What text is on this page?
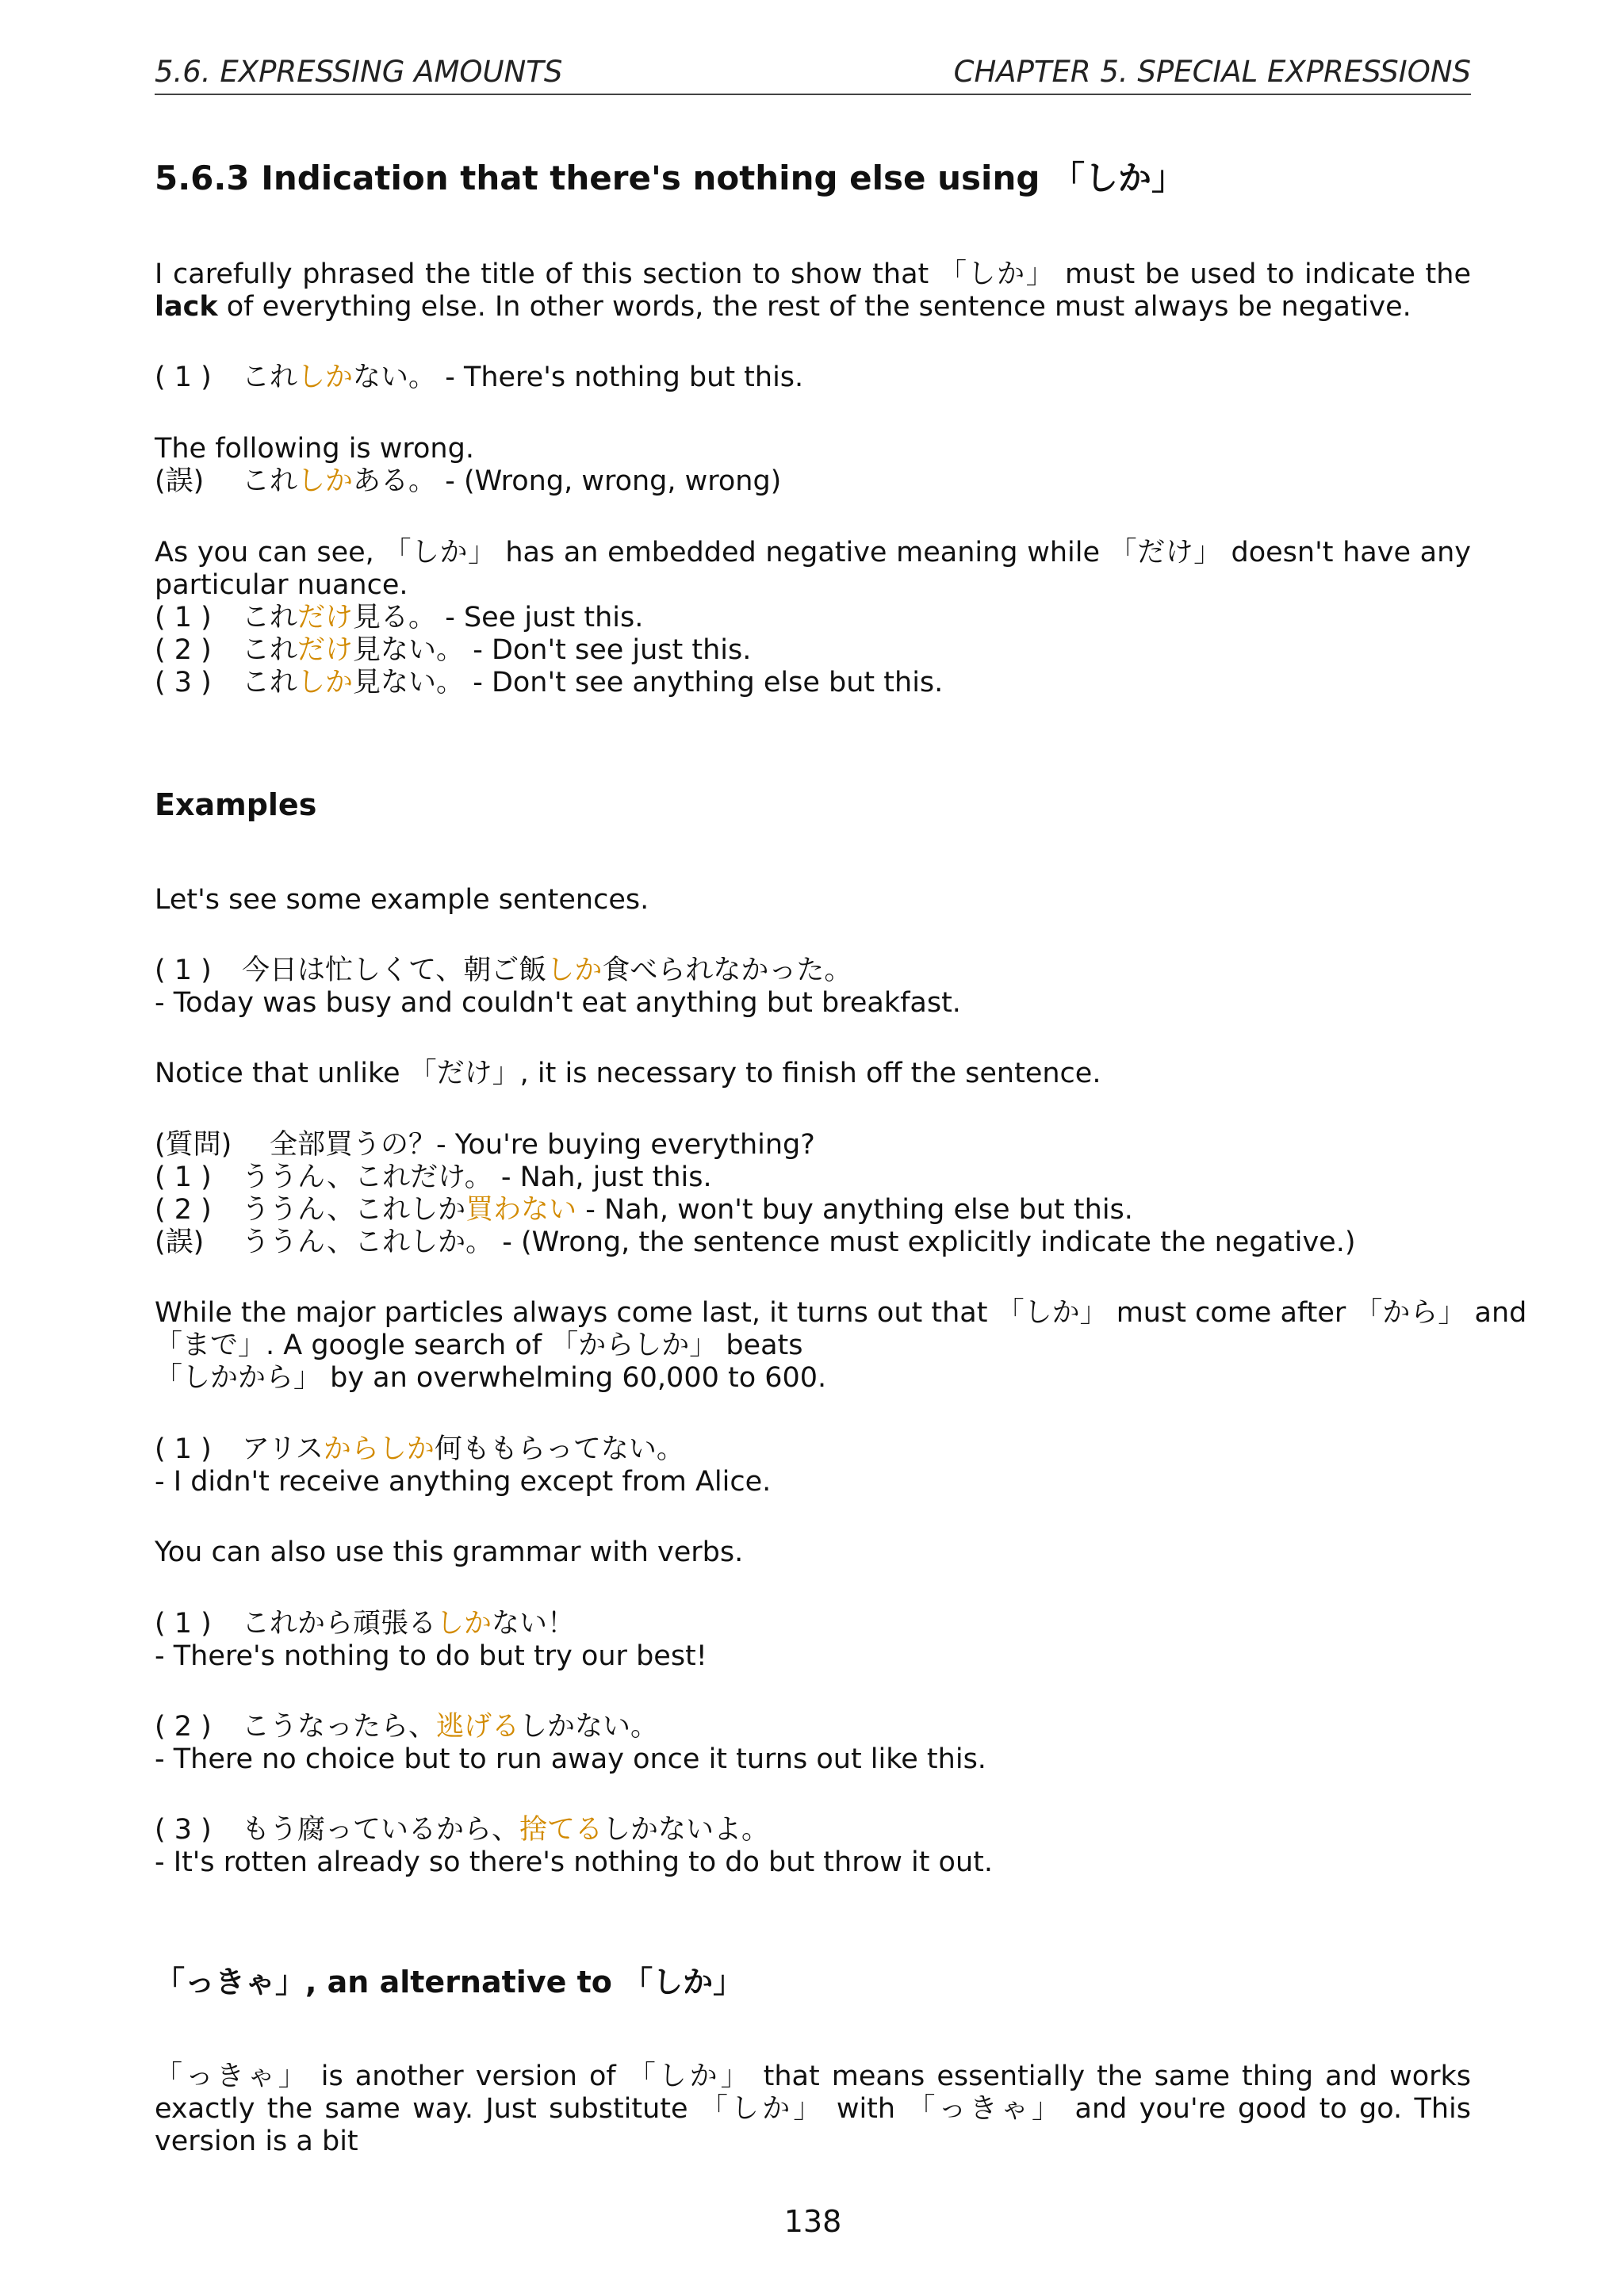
5.6. EXPRESSING AMOUNTS	CHAPTER 5. SPECIAL EXPRESSIONS
5.6.3 Indication that there's nothing else using 「しか」
I carefully phrased the title of this section to show that 「しか」 must be used to indicate the lack of everything else. In other words, the rest of the sentence must always be negative.
( 1 ) これしかない。 - There's nothing but this.
The following is wrong.
(誤) これしかある。 - (Wrong, wrong, wrong)
As you can see, 「しか」 has an embedded negative meaning while 「だけ」 doesn't have any particular nuance.
( 1 ) これだけ見る。 - See just this.
( 2 ) これだけ見ない。 - Don't see just this.
( 3 ) これしか見ない。 - Don't see anything else but this.
Examples
Let's see some example sentences.
( 1 ) 今日は忙しくて、朝ご飯しか食べられなかった。
- Today was busy and couldn't eat anything but breakfast.
Notice that unlike 「だけ」, it is necessary to finish off the sentence.
(質問) 全部買うの？- You're buying everything?
( 1 ) ううん、これだけ。 - Nah, just this.
( 2 ) ううん、これしか買わない - Nah, won't buy anything else but this.
(誤) ううん、これしか。 - (Wrong, the sentence must explicitly indicate the negative.)
While the major particles always come last, it turns out that 「しか」 must come after 「から」 and
「まで」. A google search of 「からしか」 beats
「しかから」 by an overwhelming 60,000 to 600.
( 1 ) アリスからしか何ももらってない。
- I didn't receive anything except from Alice.
You can also use this grammar with verbs.
( 1 ) これから頑張るしかない！
- There's nothing to do but try our best!
( 2 ) こうなったら、逃げるしかない。
- There no choice but to run away once it turns out like this.
( 3 ) もう腐っているから、捨てるしかないよ。
- It's rotten already so there's nothing to do but throw it out.
「っきゃ」, an alternative to 「しか」
「っきゃ」 is another version of 「しか」 that means essentially the same thing and works exactly the same way. Just substitute 「しか」 with 「っきゃ」 and you're good to go. This version is a bit
138
